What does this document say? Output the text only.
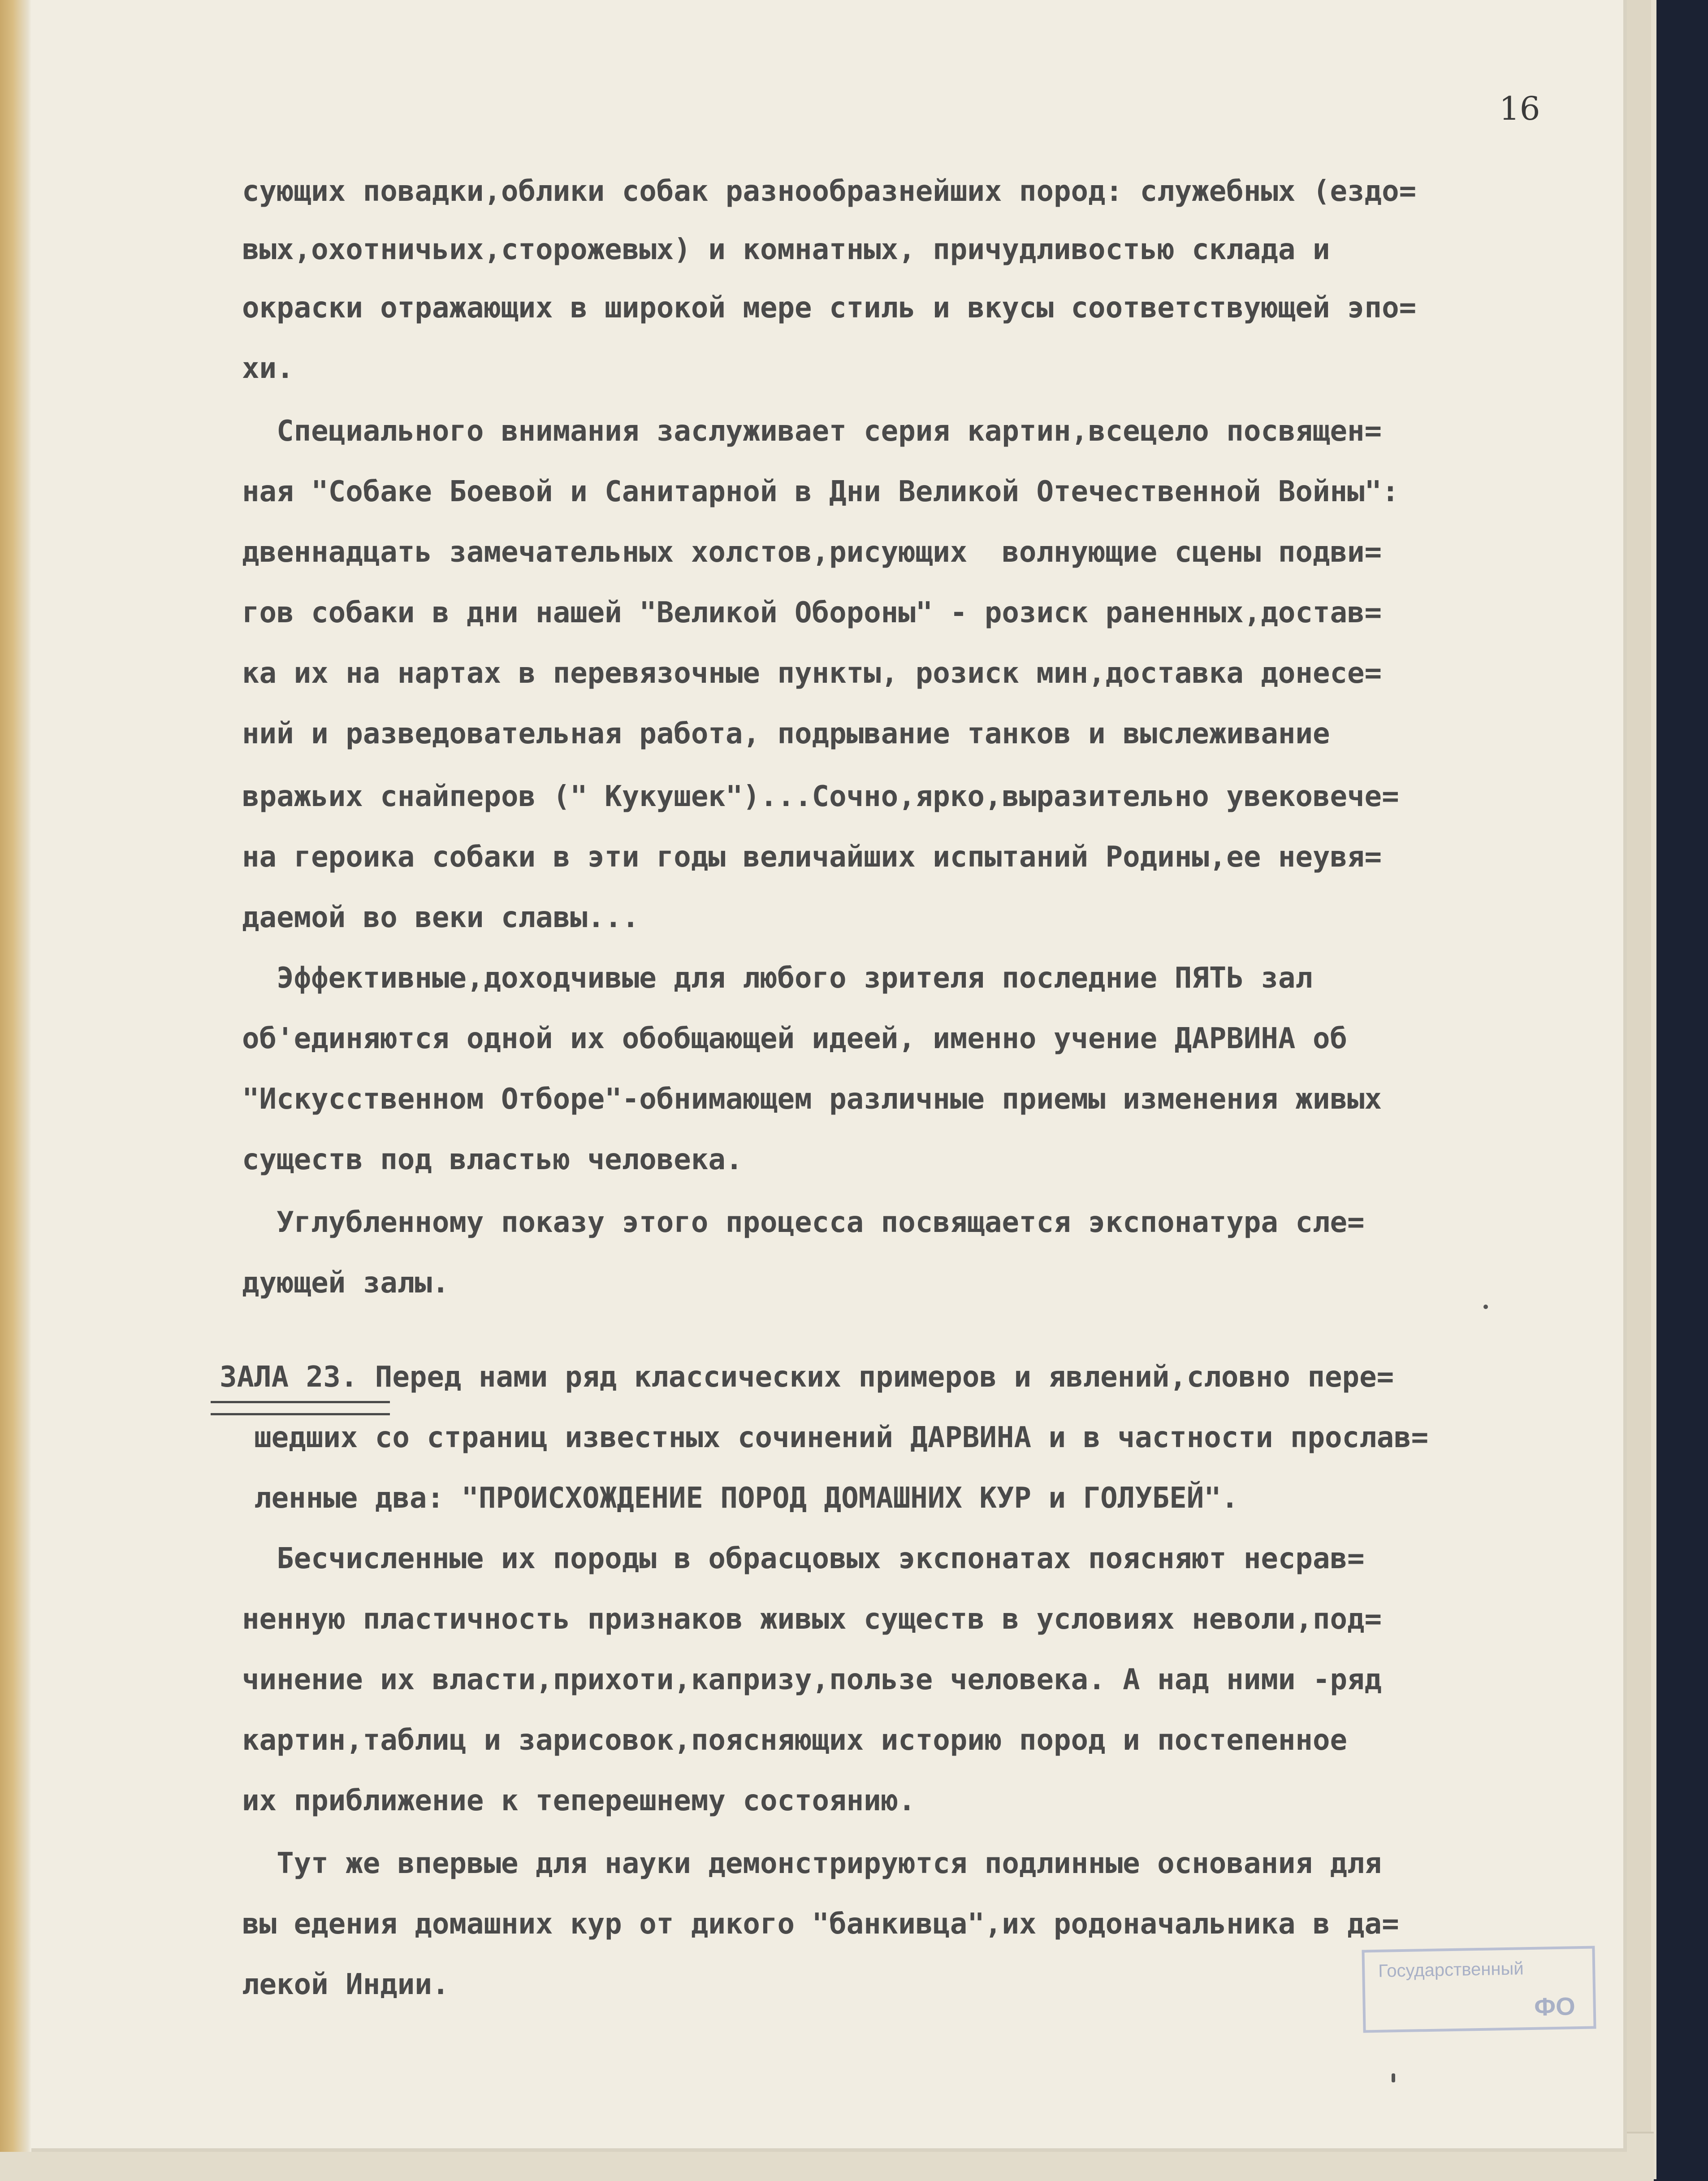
16
сующих повадки,облики собак разнообразнейших пород: служебных (ездо=
вых,охотничьих,сторожевых) и комнатных, причудливостью склада и
окраски отражающих в широкой мере стиль и вкусы соответствующей эпо=
хи.
Специального внимания заслуживает серия картин,всецело посвящен=
ная "Собаке Боевой и Санитарной в Дни Великой Отечественной Войны":
двеннадцать замечательных холстов,рисующих  волнующие сцены подви=
гов собаки в дни нашей "Великой Обороны" - розиск раненных,достав=
ка их на нартах в перевязочные пункты, розиск мин,доставка донесе=
ний и разведовательная работа, подрывание танков и выслеживание
вражьих снайперов (" Кукушек")...Сочно,ярко,выразительно увековече=
на героика собаки в эти годы величайших испытаний Родины,ее неувя=
даемой во веки славы...
Эффективные,доходчивые для любого зрителя последние ПЯТЬ зал
об'единяются одной их обобщающей идеей, именно учение ДАРВИНА об
"Искусственном Отборе"-обнимающем различные приемы изменения живых
существ под властью человека.
Углубленному показу этого процесса посвящается экспонатура сле=
дующей залы.
ЗАЛА 23. Перед нами ряд классических примеров и явлений,словно пере=
шедших со страниц известных сочинений ДАРВИНА и в частности прослав=
ленные два: "ПРОИСХОЖДЕНИЕ ПОРОД ДОМАШНИХ КУР и ГОЛУБЕЙ".
Бесчисленные их породы в обрасцовых экспонатах поясняют несрав=
ненную пластичность признаков живых существ в условиях неволи,под=
чинение их власти,прихоти,капризу,пользе человека. А над ними -ряд
картин,таблиц и зарисовок,поясняющих историю пород и постепенное
их приближение к теперешнему состоянию.
Тут же впервые для науки демонстрируются подлинные основания для
вы едения домашних кур от дикого "банкивца",их родоначальника в да=
лекой Индии.	Государственный
ФО
